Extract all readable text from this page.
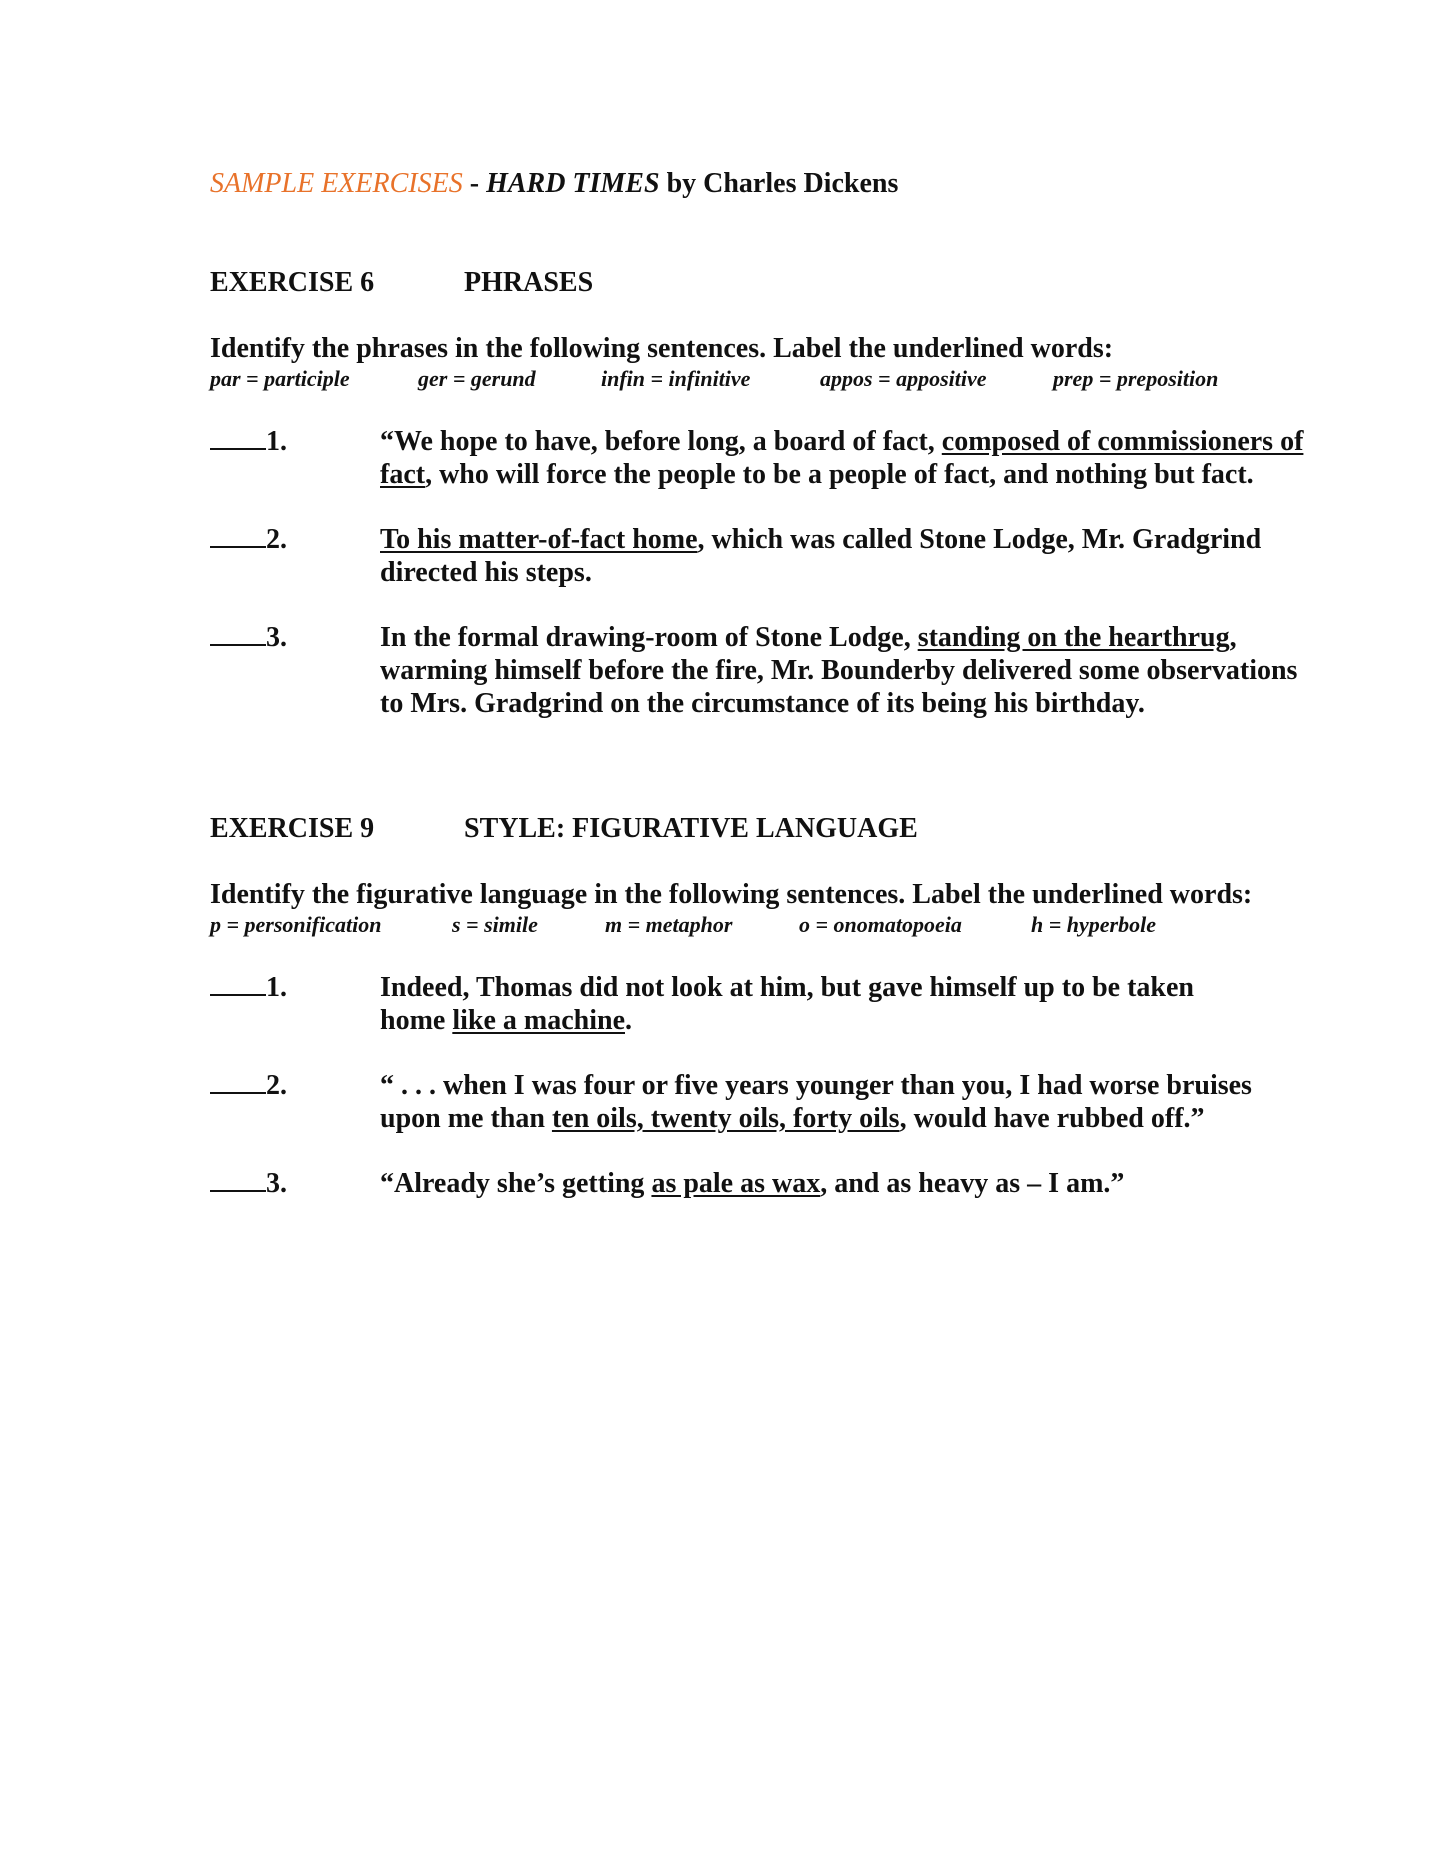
SAMPLE EXERCISES - HARD TIMES by Charles Dickens
EXERCISE 6	PHRASES
Identify the phrases in the following sentences. Label the underlined words:
par = participle	ger = gerund	infin = infinitive	appos = appositive	prep = preposition
1.	“We hope to have, before long, a board of fact, composed of commissioners of fact, who will force the people to be a people of fact, and nothing but fact.
2.	To his matter-of-fact home, which was called Stone Lodge, Mr. Gradgrind directed his steps.
3.	In the formal drawing-room of Stone Lodge, standing on the hearthrug, warming himself before the fire, Mr. Bounderby delivered some observations to Mrs. Gradgrind on the circumstance of its being his birthday.
EXERCISE 9	STYLE: FIGURATIVE LANGUAGE
Identify the figurative language in the following sentences. Label the underlined words:
p = personification	s = simile	m = metaphor	o = onomatopoeia	h = hyperbole
1.	Indeed, Thomas did not look at him, but gave himself up to be taken home like a machine.
2.	“ . . . when I was four or five years younger than you, I had worse bruises upon me than ten oils, twenty oils, forty oils, would have rubbed off.”
3.	“Already she’s getting as pale as wax, and as heavy as – I am.”
